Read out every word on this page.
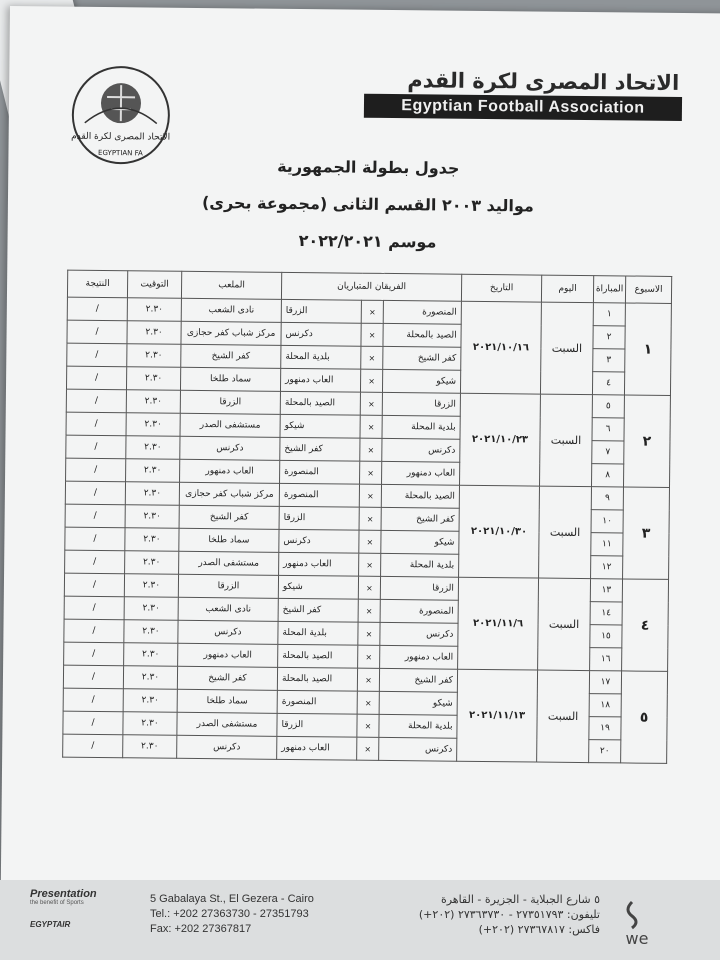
الاتحاد المصرى لكرة القدم
EGYPTIAN FA
الاتحاد المصرى لكرة القدم
Egyptian Football Association
جدول بطولة الجمهورية
مواليد ٢٠٠٣ القسم الثانى (مجموعة بحرى)
موسم ٢٠٢٢/٢٠٢١
الاسبوع	المباراة	اليوم	التاريخ	الفريقان المتباريان			الملعب	التوقيت	النتيجة
١	١	السبت	٢٠٢١/١٠/١٦	المنصورة	×	الزرقا	نادى الشعب	٢.٣٠	/
	٢			الصيد بالمحلة	×	دكرنس	مركز شباب كفر حجازى	٢.٣٠	/
	٣			كفر الشيخ	×	بلدية المحلة	كفر الشيخ	٢.٣٠	/
	٤			شيكو	×	العاب دمنهور	سماد طلخا	٢.٣٠	/
٢	٥	السبت	٢٠٢١/١٠/٢٣	الزرقا	×	الصيد بالمحلة	الزرقا	٢.٣٠	/
	٦			بلدية المحلة	×	شيكو	مستشفى الصدر	٢.٣٠	/
	٧			دكرنس	×	كفر الشيخ	دكرنس	٢.٣٠	/
	٨			العاب دمنهور	×	المنصورة	العاب دمنهور	٢.٣٠	/
٣	٩	السبت	٢٠٢١/١٠/٣٠	الصيد بالمحلة	×	المنصورة	مركز شباب كفر حجازى	٢.٣٠	/
	١٠			كفر الشيخ	×	الزرقا	كفر الشيخ	٢.٣٠	/
	١١			شيكو	×	دكرنس	سماد طلخا	٢.٣٠	/
	١٢			بلدية المحلة	×	العاب دمنهور	مستشفى الصدر	٢.٣٠	/
٤	١٣	السبت	٢٠٢١/١١/٦	الزرقا	×	شيكو	الزرقا	٢.٣٠	/
	١٤			المنصورة	×	كفر الشيخ	نادى الشعب	٢.٣٠	/
	١٥			دكرنس	×	بلدية المحلة	دكرنس	٢.٣٠	/
	١٦			العاب دمنهور	×	الصيد بالمحلة	العاب دمنهور	٢.٣٠	/
٥	١٧	السبت	٢٠٢١/١١/١٣	كفر الشيخ	×	الصيد بالمحلة	كفر الشيخ	٢.٣٠	/
	١٨			شيكو	×	المنصورة	سماد طلخا	٢.٣٠	/
	١٩			بلدية المحلة	×	الزرقا	مستشفى الصدر	٢.٣٠	/
	٢٠			دكرنس	×	العاب دمنهور	دكرنس	٢.٣٠	/
Presentation
the benefit of Sports
EGYPTAIR
5 Gabalaya St., El Gezera - Cairo
Tel.: +202 27363730 - 27351793
Fax: +202 27367817
٥ شارع الجبلاية - الجزيرة - القاهرة
تليفون: ٢٧٣٥١٧٩٣ - ٢٧٣٦٣٧٣٠ (٢٠٢+)
فاكس: ٢٧٣٦٧٨١٧ (٢٠٢+) we
